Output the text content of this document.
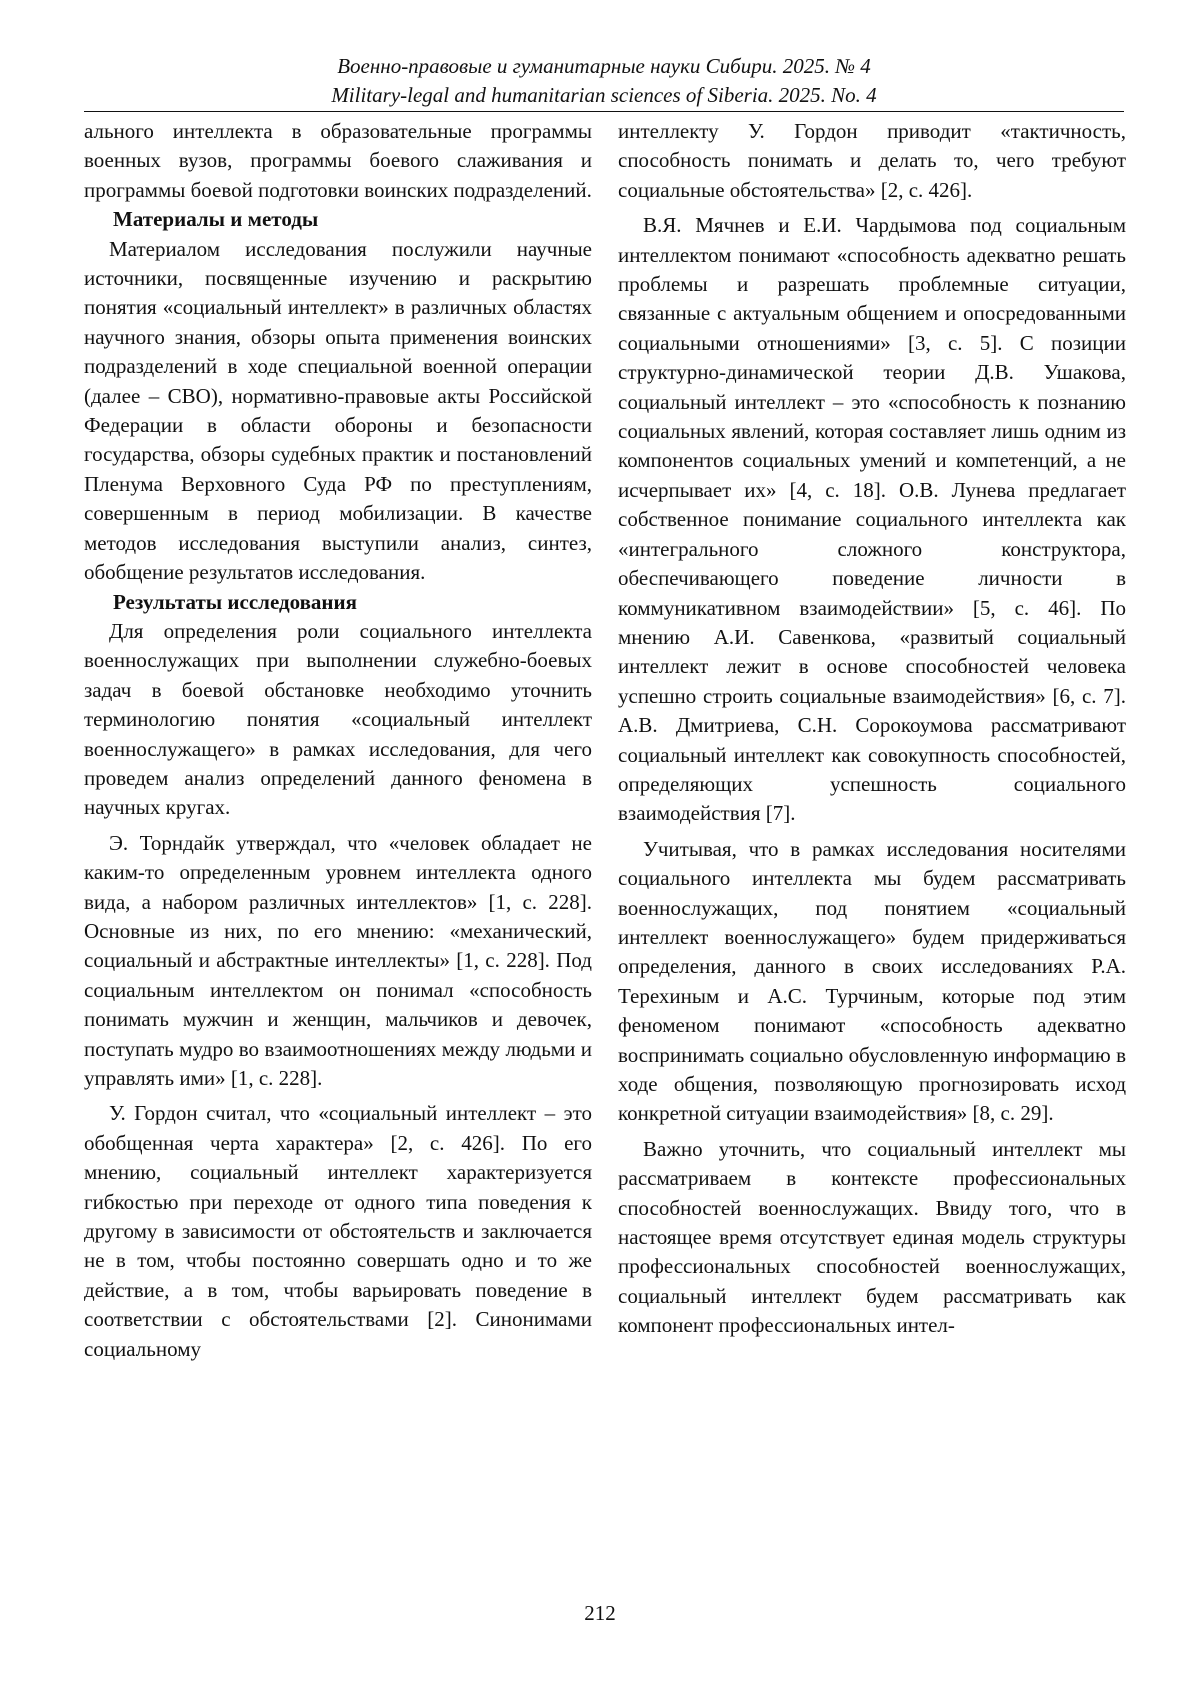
Военно-правовые и гуманитарные науки Сибири. 2025. № 4
Military-legal and humanitarian sciences of Siberia. 2025. No. 4

ального интеллекта в образовательные программы военных вузов, программы боевого слаживания и программы боевой подготовки воинских подразделений.

Материалы и методы

Материалом исследования послужили научные источники, посвященные изучению и раскрытию понятия «социальный интеллект» в различных областях научного знания, обзоры опыта применения воинских подразделений в ходе специальной военной операции (далее – СВО), нормативно-правовые акты Российской Федерации в области обороны и безопасности государства, обзоры судебных практик и постановлений Пленума Верховного Суда РФ по преступлениям, совершенным в период мобилизации. В качестве методов исследования выступили анализ, синтез, обобщение результатов исследования.

Результаты исследования

Для определения роли социального интеллекта военнослужащих при выполнении служебно-боевых задач в боевой обстановке необходимо уточнить терминологию понятия «социальный интеллект военнослужащего» в рамках исследования, для чего проведем анализ определений данного феномена в научных кругах.

Э. Торндайк утверждал, что «человек обладает не каким-то определенным уровнем интеллекта одного вида, а набором различных интеллектов» [1, с. 228]. Основные из них, по его мнению: «механический, социальный и абстрактные интеллекты» [1, с. 228]. Под социальным интеллектом он понимал «способность понимать мужчин и женщин, мальчиков и девочек, поступать мудро во взаимоотношениях между людьми и управлять ими» [1, с. 228].

У. Гордон считал, что «социальный интеллект – это обобщенная черта характера» [2, с. 426]. По его мнению, социальный интеллект характеризуется гибкостью при переходе от одного типа поведения к другому в зависимости от обстоятельств и заключается не в том, чтобы постоянно совершать одно и то же действие, а в том, чтобы варьировать поведение в соответствии с обстоятельствами [2]. Синонимами социальному

интеллекту У. Гордон приводит «тактичность, способность понимать и делать то, чего требуют социальные обстоятельства» [2, с. 426].

В.Я. Мячнев и Е.И. Чардымова под социальным интеллектом понимают «способность адекватно решать проблемы и разрешать проблемные ситуации, связанные с актуальным общением и опосредованными социальными отношениями» [3, с. 5]. С позиции структурно-динамической теории Д.В. Ушакова, социальный интеллект – это «способность к познанию социальных явлений, которая составляет лишь одним из компонентов социальных умений и компетенций, а не исчерпывает их» [4, с. 18]. О.В. Лунева предлагает собственное понимание социального интеллекта как «интегрального сложного конструктора, обеспечивающего поведение личности в коммуникативном взаимодействии» [5, с. 46]. По мнению А.И. Савенкова, «развитый социальный интеллект лежит в основе способностей человека успешно строить социальные взаимодействия» [6, с. 7]. А.В. Дмитриева, С.Н. Сорокоумова рассматривают социальный интеллект как совокупность способностей, определяющих успешность социального взаимодействия [7].

Учитывая, что в рамках исследования носителями социального интеллекта мы будем рассматривать военнослужащих, под понятием «социальный интеллект военнослужащего» будем придерживаться определения, данного в своих исследованиях Р.А. Терехиным и А.С. Турчиным, которые под этим феноменом понимают «способность адекватно воспринимать социально обусловленную информацию в ходе общения, позволяющую прогнозировать исход конкретной ситуации взаимодействия» [8, с. 29].

Важно уточнить, что социальный интеллект мы рассматриваем в контексте профессиональных способностей военнослужащих. Ввиду того, что в настоящее время отсутствует единая модель структуры профессиональных способностей военнослужащих, социальный интеллект будем рассматривать как компонент профессиональных интел-

212
